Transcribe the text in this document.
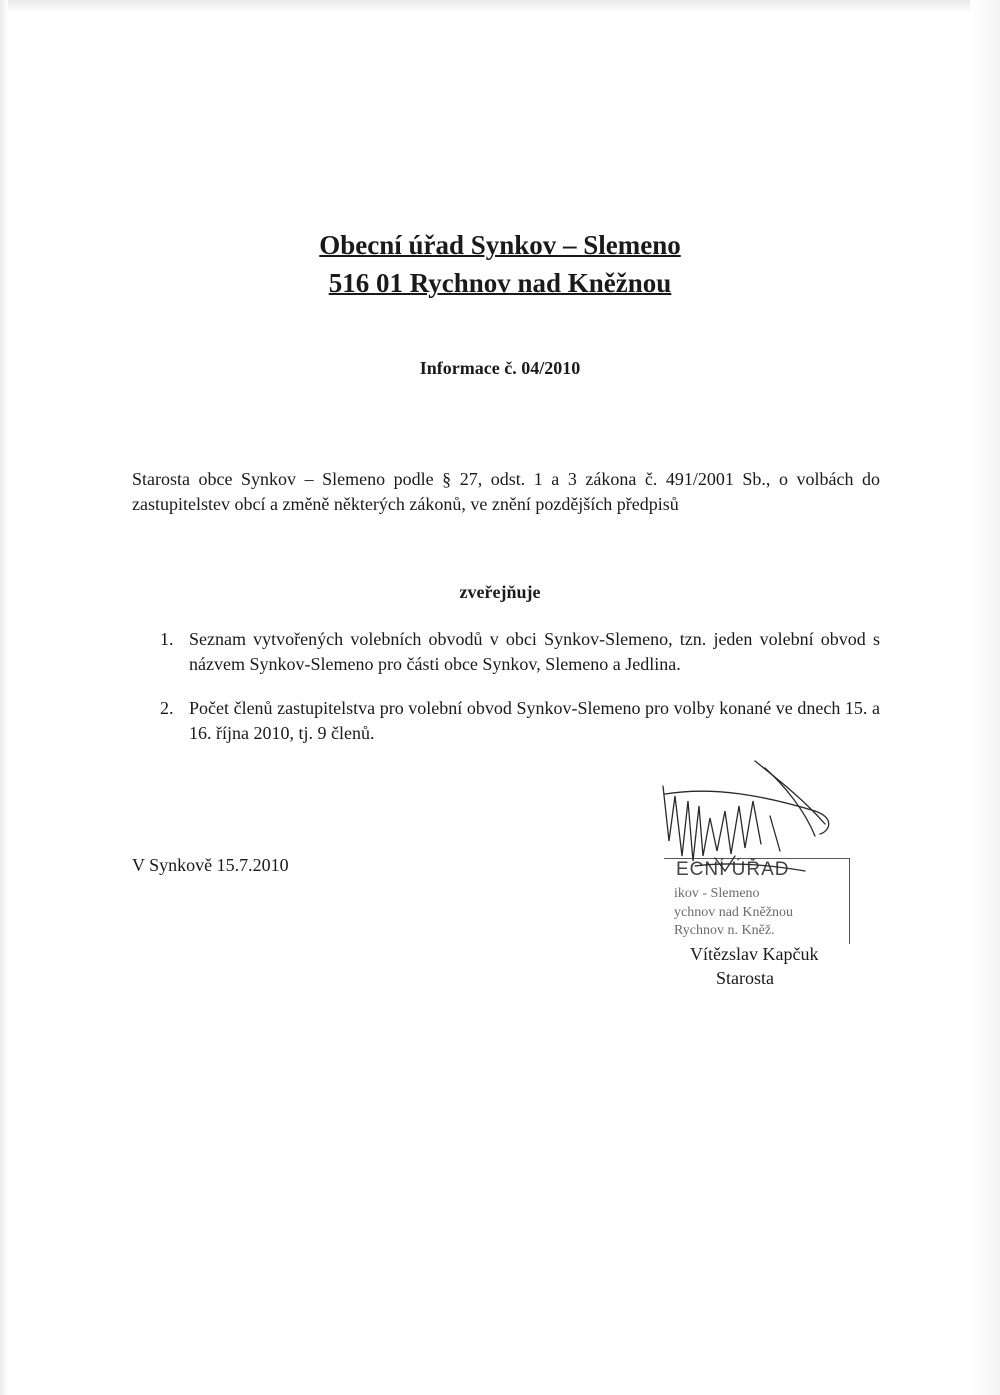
Obecní úřad Synkov – Slemeno
516 01 Rychnov nad Kněžnou
Informace č. 04/2010
Starosta obce Synkov – Slemeno podle § 27, odst. 1 a 3 zákona č. 491/2001 Sb., o volbách do zastupitelstev obcí a změně některých zákonů, ve znění pozdějších předpisů
zveřejňuje
1. Seznam vytvořených volebních obvodů v obci Synkov-Slemeno, tzn. jeden volební obvod s názvem Synkov-Slemeno pro části obce Synkov, Slemeno a Jedlina.
2. Počet členů zastupitelstva pro volební obvod Synkov-Slemeno pro volby konané ve dnech 15. a 16. října 2010, tj. 9 členů.
V Synkově 15.7.2010	ECNÍ ÚŘAD
ikov - Slemeno
ychnov nad Kněžnou
Rychnov n. Kněž.
Vítězslav Kapčuk
Starosta
